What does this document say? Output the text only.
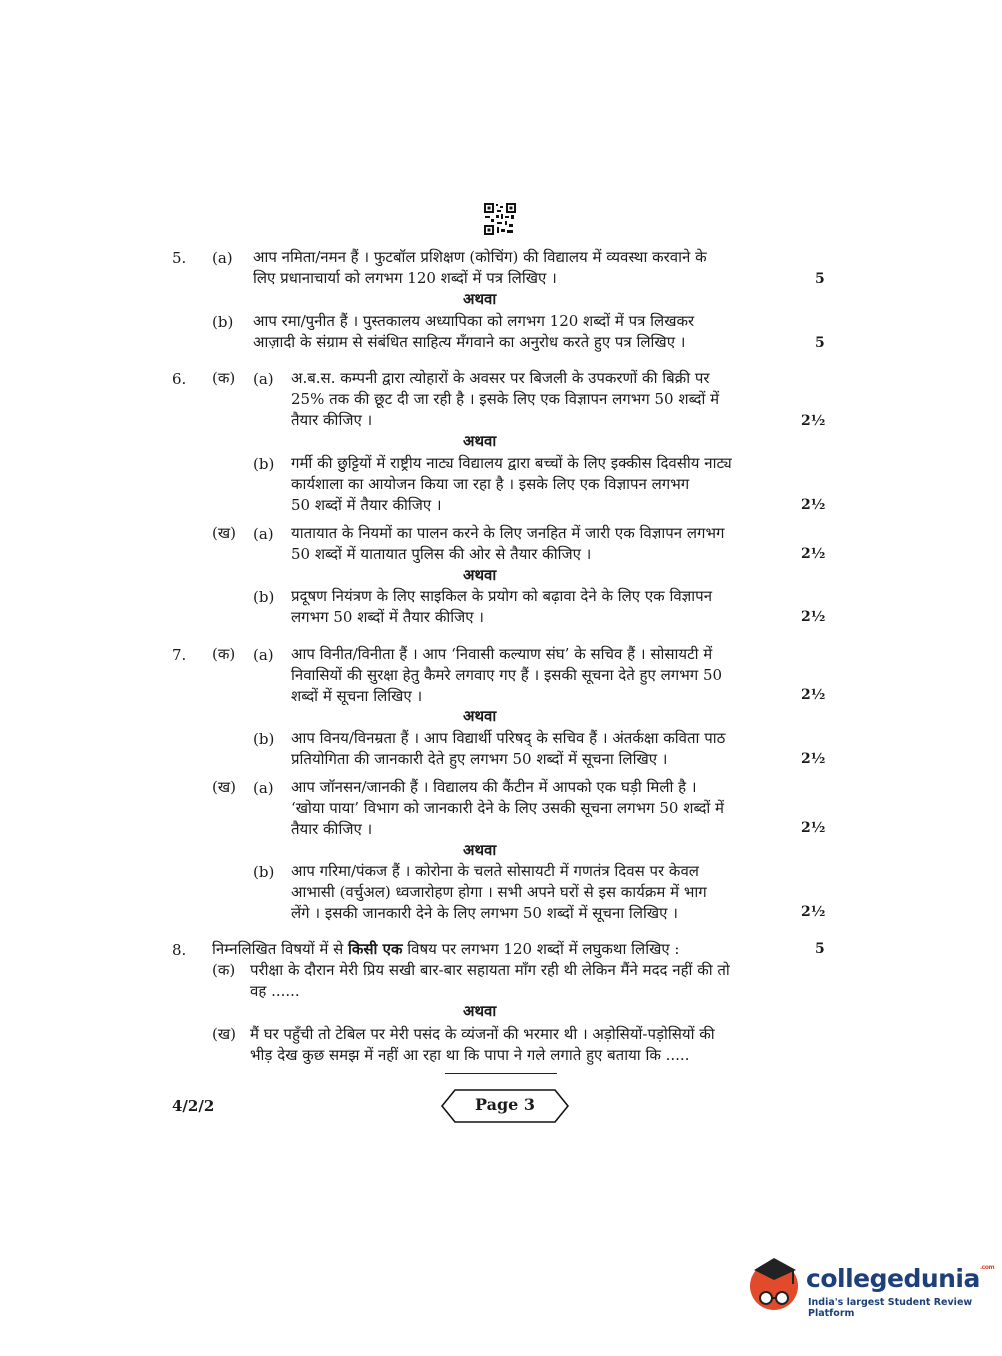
5. (a) आप नमिता/नमन हैं । फुटबॉल प्रशिक्षण (कोचिंग) की विद्यालय में व्यवस्था करवाने के
लिए प्रधानाचार्या को लगभग 120 शब्दों में पत्र लिखिए ।	5
अथवा
(b) आप रमा/पुनीत हैं । पुस्तकालय अध्यापिका को लगभग 120 शब्दों में पत्र लिखकर
आज़ादी के संग्राम से संबंधित साहित्य मँगवाने का अनुरोध करते हुए पत्र लिखिए ।	5
6. (क) (a) अ.ब.स. कम्पनी द्वारा त्योहारों के अवसर पर बिजली के उपकरणों की बिक्री पर
25% तक की छूट दी जा रही है । इसके लिए एक विज्ञापन लगभग 50 शब्दों में
तैयार कीजिए ।	2½
अथवा
(b) गर्मी की छुट्टियों में राष्ट्रीय नाट्य विद्यालय द्वारा बच्चों के लिए इक्कीस दिवसीय नाट्य
कार्यशाला का आयोजन किया जा रहा है । इसके लिए एक विज्ञापन लगभग
50 शब्दों में तैयार कीजिए ।	2½
(ख) (a) यातायात के नियमों का पालन करने के लिए जनहित में जारी एक विज्ञापन लगभग
50 शब्दों में यातायात पुलिस की ओर से तैयार कीजिए ।	2½
अथवा
(b) प्रदूषण नियंत्रण के लिए साइकिल के प्रयोग को बढ़ावा देने के लिए एक विज्ञापन
लगभग 50 शब्दों में तैयार कीजिए ।	2½
7. (क) (a) आप विनीत/विनीता हैं । आप ‘निवासी कल्याण संघ’ के सचिव हैं । सोसायटी में
निवासियों की सुरक्षा हेतु कैमरे लगवाए गए हैं । इसकी सूचना देते हुए लगभग 50
शब्दों में सूचना लिखिए ।	2½
अथवा
(b) आप विनय/विनम्रता हैं । आप विद्यार्थी परिषद् के सचिव हैं । अंतर्कक्षा कविता पाठ
प्रतियोगिता की जानकारी देते हुए लगभग 50 शब्दों में सूचना लिखिए ।	2½
(ख) (a) आप जॉनसन/जानकी हैं । विद्यालय की कैंटीन में आपको एक घड़ी मिली है ।
‘खोया पाया’ विभाग को जानकारी देने के लिए उसकी सूचना लगभग 50 शब्दों में
तैयार कीजिए ।	2½
अथवा
(b) आप गरिमा/पंकज हैं । कोरोना के चलते सोसायटी में गणतंत्र दिवस पर केवल
आभासी (वर्चुअल) ध्वजारोहण होगा । सभी अपने घरों से इस कार्यक्रम में भाग
लेंगे । इसकी जानकारी देने के लिए लगभग 50 शब्दों में सूचना लिखिए ।	2½
8. निम्नलिखित विषयों में से किसी एक विषय पर लगभग 120 शब्दों में लघुकथा लिखिए :	5
(क) परीक्षा के दौरान मेरी प्रिय सखी बार-बार सहायता माँग रही थी लेकिन मैंने मदद नहीं की तो
वह ......
अथवा
(ख) मैं घर पहुँची तो टेबिल पर मेरी पसंद के व्यंजनों की भरमार थी । अड़ोसियों-पड़ोसियों की
भीड़ देख कुछ समझ में नहीं आ रहा था कि पापा ने गले लगाते हुए बताया कि .....
4/2/2	Page 3
collegedunia$^{.com}$
India's largest Student Review Platform
